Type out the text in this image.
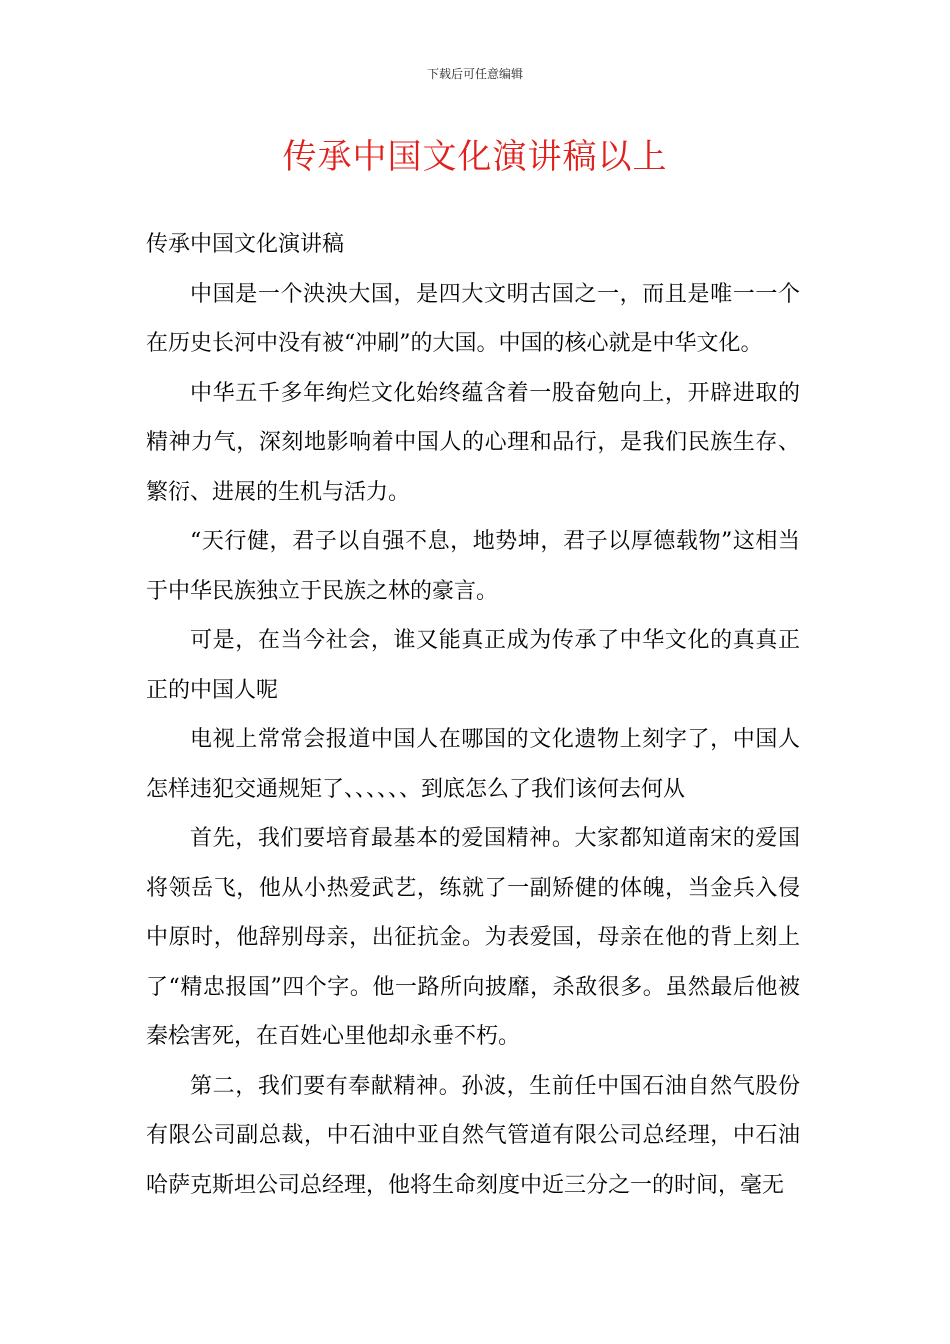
下载后可任意编辑
传承中国文化演讲稿以上

传承中国文化演讲稿

中国是一个泱泱大国，是四大文明古国之一，而且是唯一一个在历史长河中没有被“冲刷”的大国。中国的核心就是中华文化。

中华五千多年绚烂文化始终蕴含着一股奋勉向上，开辟进取的精神力气，深刻地影响着中国人的心理和品行，是我们民族生存、繁衍、进展的生机与活力。

“天行健，君子以自强不息，地势坤，君子以厚德载物”这相当于中华民族独立于民族之林的豪言。

可是，在当今社会，谁又能真正成为传承了中华文化的真真正正的中国人呢

电视上常常会报道中国人在哪国的文化遗物上刻字了，中国人怎样违犯交通规矩了、、、、、、到底怎么了我们该何去何从

首先，我们要培育最基本的爱国精神。大家都知道南宋的爱国将领岳飞，他从小热爱武艺，练就了一副矫健的体魄，当金兵入侵中原时，他辞别母亲，出征抗金。为表爱国，母亲在他的背上刻上了“精忠报国”四个字。他一路所向披靡，杀敌很多。虽然最后他被秦桧害死，在百姓心里他却永垂不朽。

第二，我们要有奉献精神。孙波，生前任中国石油自然气股份有限公司副总裁，中石油中亚自然气管道有限公司总经理，中石油哈萨克斯坦公司总经理，他将生命刻度中近三分之一的时间，毫无
